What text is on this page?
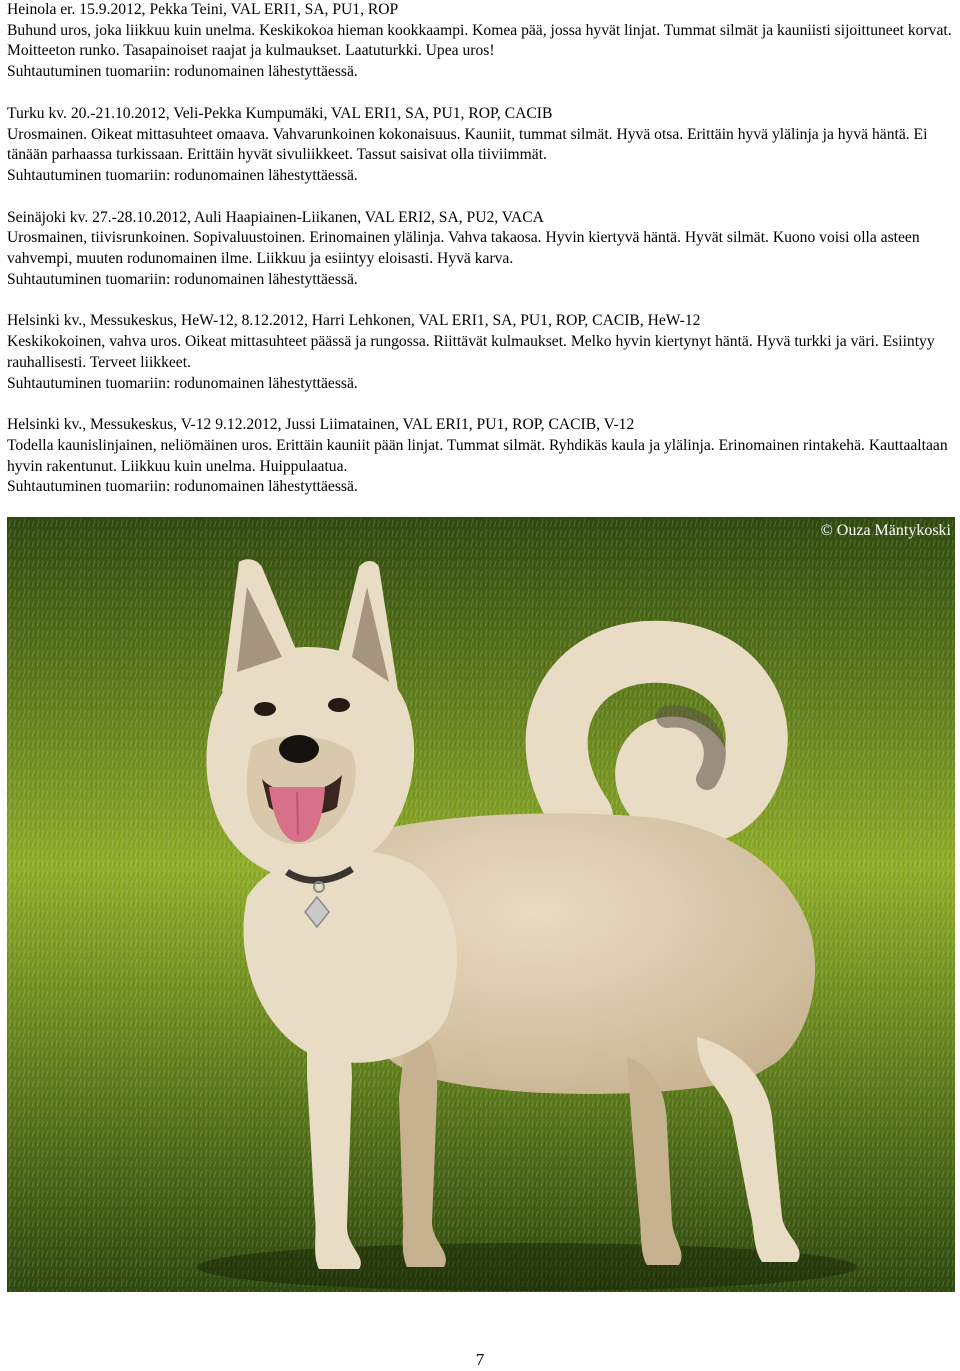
Heinola er. 15.9.2012, Pekka Teini, VAL ERI1, SA, PU1, ROP
Buhund uros, joka liikkuu kuin unelma. Keskikokoa hieman kookkaampi. Komea pää, jossa hyvät linjat. Tummat silmät ja kauniisti sijoittuneet korvat. Moitteeton runko. Tasapainoiset raajat ja kulmaukset. Laatuturkki. Upea uros!
Suhtautuminen tuomariin: rodunomainen lähestyttäessä.
Turku kv. 20.-21.10.2012, Veli-Pekka Kumpumäki, VAL ERI1, SA, PU1, ROP, CACIB
Urosmainen. Oikeat mittasuhteet omaava. Vahvarunkoinen kokonaisuus. Kauniit, tummat silmät. Hyvä otsa. Erittäin hyvä ylälinja ja hyvä häntä. Ei tänään parhaassa turkissaan. Erittäin hyvät sivuliikkeet. Tassut saisivat olla tiiviimmät.
Suhtautuminen tuomariin: rodunomainen lähestyttäessä.
Seinäjoki kv. 27.-28.10.2012, Auli Haapiainen-Liikanen, VAL ERI2, SA, PU2, VACA
Urosmainen, tiivisrunkoinen. Sopivaluustoinen. Erinomainen ylälinja. Vahva takaosa. Hyvin kiertyvä häntä. Hyvät silmät. Kuono voisi olla asteen vahvempi, muuten rodunomainen ilme. Liikkuu ja esiintyy eloisasti. Hyvä karva.
Suhtautuminen tuomariin: rodunomainen lähestyttäessä.
Helsinki kv., Messukeskus, HeW-12, 8.12.2012, Harri Lehkonen, VAL ERI1, SA, PU1, ROP, CACIB, HeW-12
Keskikokoinen, vahva uros. Oikeat mittasuhteet päässä ja rungossa. Riittävät kulmaukset. Melko hyvin kiertynyt häntä. Hyvä turkki ja väri. Esiintyy rauhallisesti. Terveet liikkeet.
Suhtautuminen tuomariin: rodunomainen lähestyttäessä.
Helsinki kv., Messukeskus, V-12 9.12.2012, Jussi Liimatainen, VAL ERI1, PU1, ROP, CACIB, V-12
Todella kaunislinjainen, neliömäinen uros. Erittäin kauniit pään linjat. Tummat silmät. Ryhdikäs kaula ja ylälinja. Erinomainen rintakehä. Kauttaaltaan hyvin rakentunut. Liikkuu kuin unelma. Huippulaatua.
Suhtautuminen tuomariin: rodunomainen lähestyttäessä.
© Ouza Mäntykoski
7
